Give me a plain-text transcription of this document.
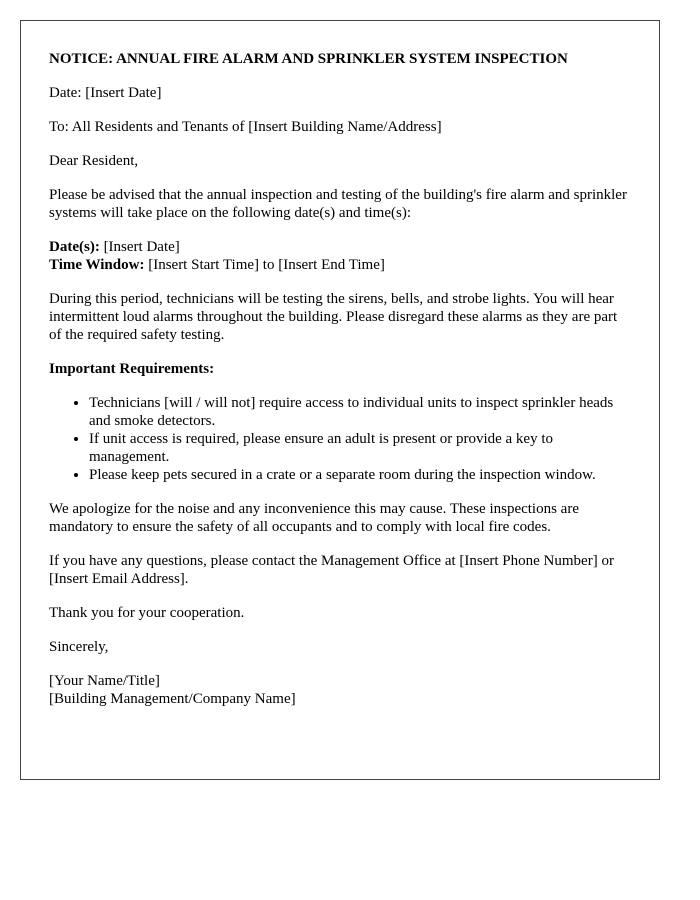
NOTICE: ANNUAL FIRE ALARM AND SPRINKLER SYSTEM INSPECTION

Date: [Insert Date]

To: All Residents and Tenants of [Insert Building Name/Address]

Dear Resident,

Please be advised that the annual inspection and testing of the building's fire alarm and sprinkler systems will take place on the following date(s) and time(s):

Date(s): [Insert Date]
Time Window: [Insert Start Time] to [Insert End Time]

During this period, technicians will be testing the sirens, bells, and strobe lights. You will hear intermittent loud alarms throughout the building. Please disregard these alarms as they are part of the required safety testing.

Important Requirements:

• Technicians [will / will not] require access to individual units to inspect sprinkler heads and smoke detectors.
• If unit access is required, please ensure an adult is present or provide a key to management.
• Please keep pets secured in a crate or a separate room during the inspection window.

We apologize for the noise and any inconvenience this may cause. These inspections are mandatory to ensure the safety of all occupants and to comply with local fire codes.

If you have any questions, please contact the Management Office at [Insert Phone Number] or [Insert Email Address].

Thank you for your cooperation.

Sincerely,

[Your Name/Title]
[Building Management/Company Name]
